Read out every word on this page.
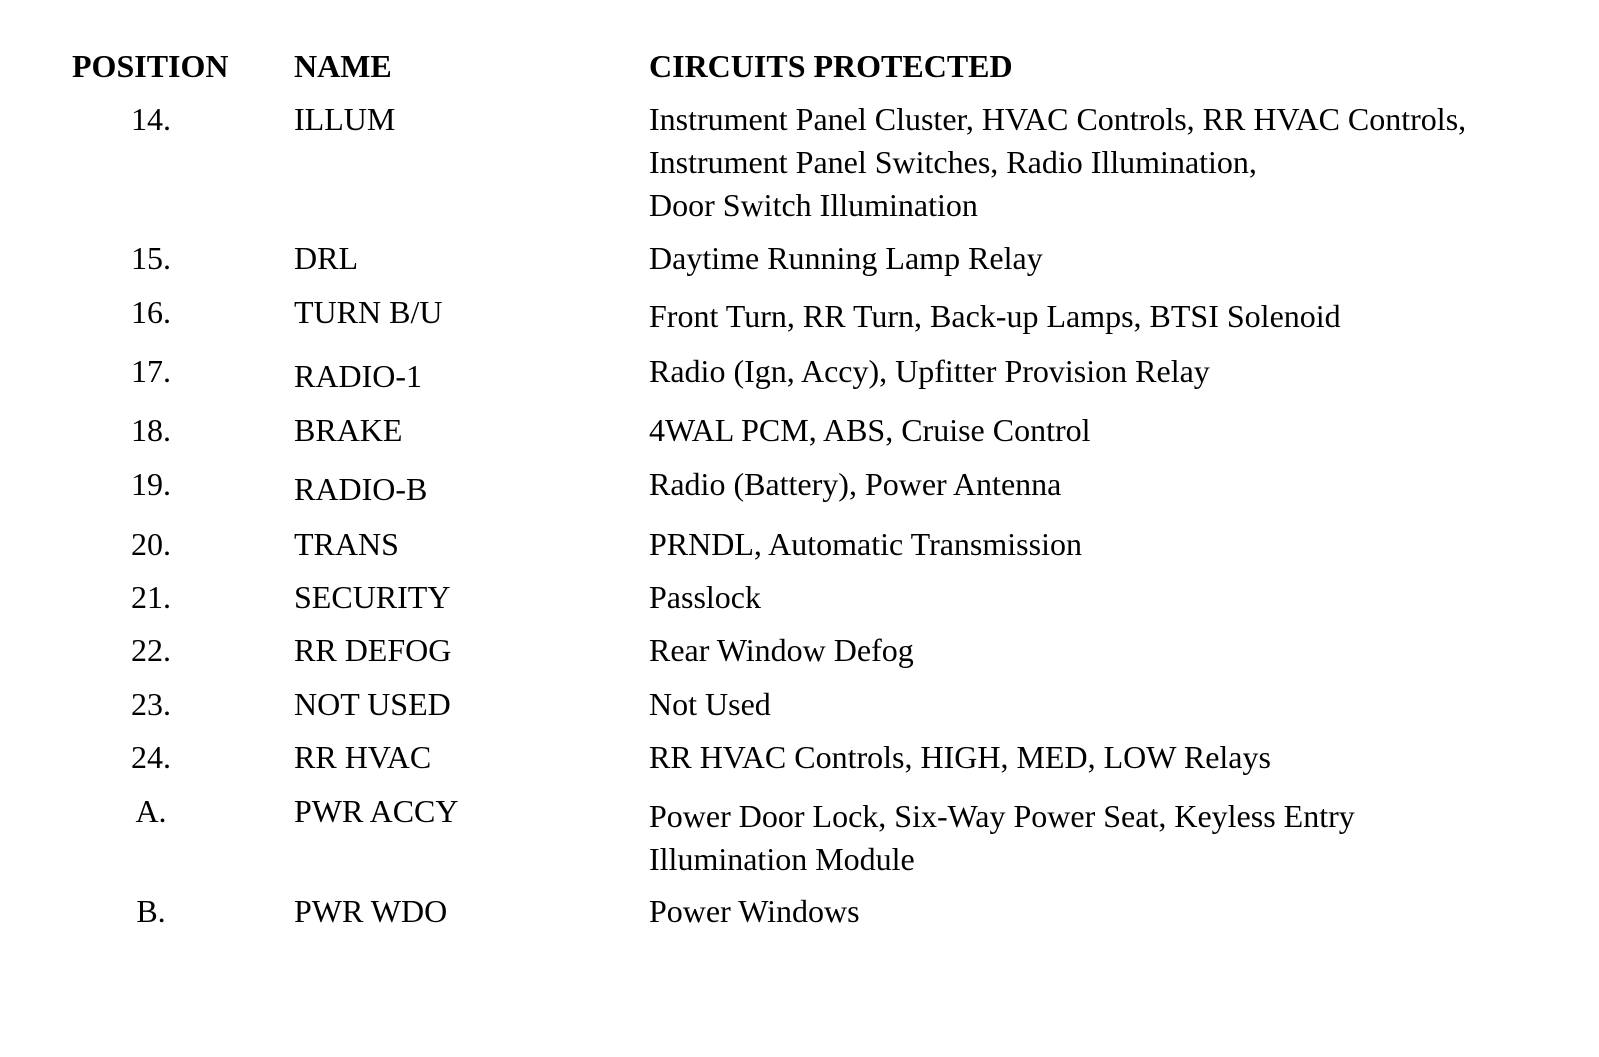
POSITION NAME	CIRCUITS PROTECTED
14.	ILLUM	Instrument Panel Cluster, HVAC Controls, RR HVAC Controls,
Instrument Panel Switches, Radio Illumination,
Door Switch Illumination
15.	DRL	Daytime Running Lamp Relay
16.	TURN B/U	Front Turn, RR Turn, Back-up Lamps, BTSI Solenoid
17.	RADIO-1	Radio (Ign, Accy), Upfitter Provision Relay
18.	BRAKE	4WAL PCM, ABS, Cruise Control
19.	RADIO-B	Radio (Battery), Power Antenna
20.	TRANS	PRNDL, Automatic Transmission
21.	SECURITY	Passlock
22.	RR DEFOG	Rear Window Defog
23.	NOT USED	Not Used
24.	RR HVAC	RR HVAC Controls, HIGH, MED, LOW Relays
A.	PWR ACCY	Power Door Lock, Six-Way Power Seat, Keyless Entry
Illumination Module
B.	PWR WDO	Power Windows
